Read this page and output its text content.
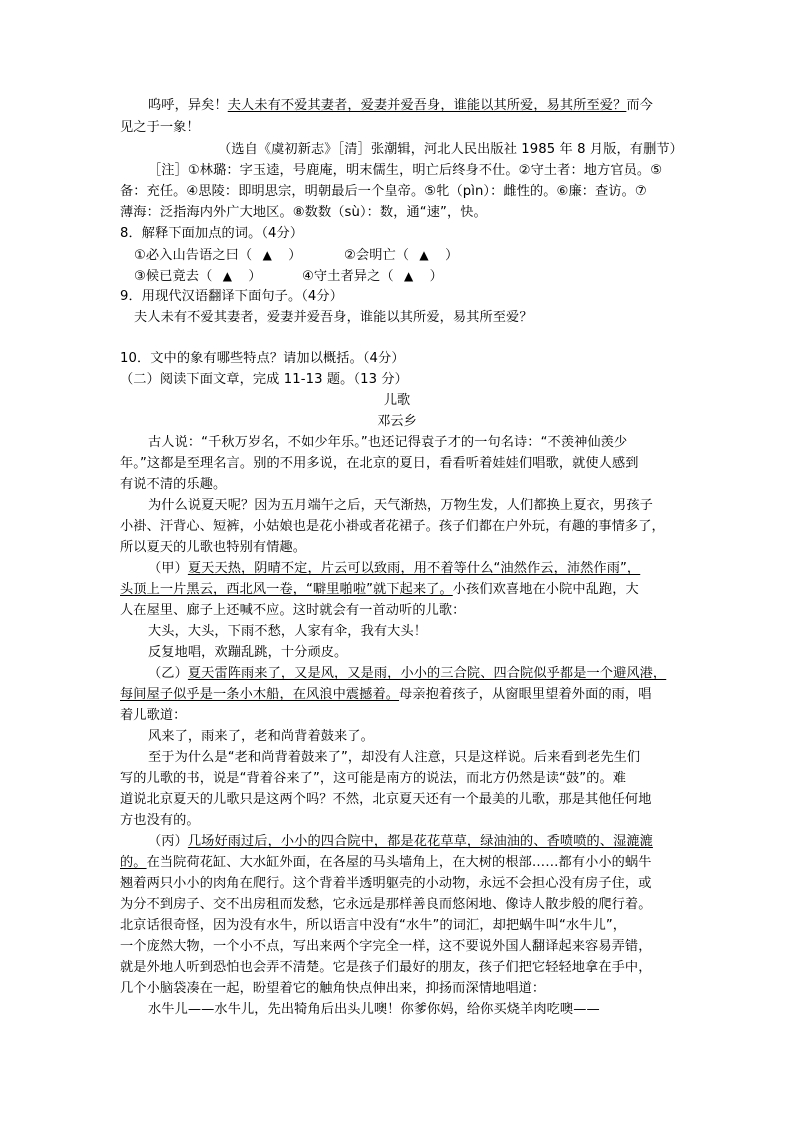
呜呼，异矣！夫人未有不爱其妻者，爱妻并爱吾身，谁能以其所爱，易其所至爱？而今
见之于一象！
（选自《虞初新志》［清］张潮辑，河北人民出版社 1985 年 8 月版，有删节）
［注］①林璐：字玉逵，号鹿庵，明末儒生，明亡后终身不仕。②守土者：地方官员。⑤
备：充任。④思陵：即明思宗，明朝最后一个皇帝。⑤牝（pìn）：雌性的。⑥廉：查访。⑦
薄海：泛指海内外广大地区。⑧数数（sù）：数，通“速”，快。
8．解释下面加点的词。（4分）
①必入山告语之曰（ ▲ ）	②会明亡（ ▲ ）
③候已竟去（ ▲ ）	④守土者异之（ ▲ ）
9．用现代汉语翻译下面句子。（4分）
夫人未有不爱其妻者，爱妻并爱吾身，谁能以其所爱，易其所至爱？
10．文中的象有哪些特点？请加以概括。（4分）
（二）阅读下面文章，完成 11-13 题。（13 分）
儿歌
邓云乡
古人说：“千秋万岁名，不如少年乐。”也还记得袁子才的一句名诗：“不羡神仙羡少
年。”这都是至理名言。别的不用多说，在北京的夏日，看看听着娃娃们唱歌，就使人感到
有说不清的乐趣。
为什么说夏天呢？因为五月端午之后，天气渐热，万物生发，人们都换上夏衣，男孩子
小褂、汗背心、短裤，小姑娘也是花小褂或者花裙子。孩子们都在户外玩，有趣的事情多了，
所以夏天的儿歌也特别有情趣。
（甲）夏天天热，阴晴不定，片云可以致雨，用不着等什么“油然作云，沛然作雨”，
头顶上一片黑云，西北风一卷，“噼里啪啦”就下起来了。小孩们欢喜地在小院中乱跑，大
人在屋里、廊子上还喊不应。这时就会有一首动听的儿歌：
大头，大头，下雨不愁，人家有伞，我有大头！
反复地唱，欢蹦乱跳，十分顽皮。
（乙）夏天雷阵雨来了，又是风，又是雨，小小的三合院、四合院似乎都是一个避风港，
每间屋子似乎是一条小木船，在风浪中震撼着。母亲抱着孩子，从窗眼里望着外面的雨，唱
着儿歌道：
风来了，雨来了，老和尚背着鼓来了。
至于为什么是“老和尚背着鼓来了”，却没有人注意，只是这样说。后来看到老先生们
写的儿歌的书，说是“背着谷来了”，这可能是南方的说法，而北方仍然是读“鼓”的。难
道说北京夏天的儿歌只是这两个吗？不然，北京夏天还有一个最美的儿歌，那是其他任何地
方也没有的。
（丙）几场好雨过后，小小的四合院中，都是花花草草，绿油油的、香喷喷的、湿漉漉
的。在当院荷花缸、大水缸外面，在各屋的马头墙角上，在大树的根部……都有小小的蜗牛
翘着两只小小的肉角在爬行。这个背着半透明躯壳的小动物，永远不会担心没有房子住，或
为分不到房子、交不出房租而发愁，它永远是那样善良而悠闲地、像诗人散步般的爬行着。
北京话很奇怪，因为没有水牛，所以语言中没有“水牛”的词汇，却把蜗牛叫“水牛儿”，
一个庞然大物，一个小不点，写出来两个字完全一样，这不要说外国人翻译起来容易弄错，
就是外地人听到恐怕也会弄不清楚。它是孩子们最好的朋友，孩子们把它轻轻地拿在手中，
几个小脑袋凑在一起，盼望着它的触角快点伸出来，抑扬而深情地唱道：
水牛儿——水牛儿，先出犄角后出头儿噢！你爹你妈，给你买烧羊肉吃噢——
